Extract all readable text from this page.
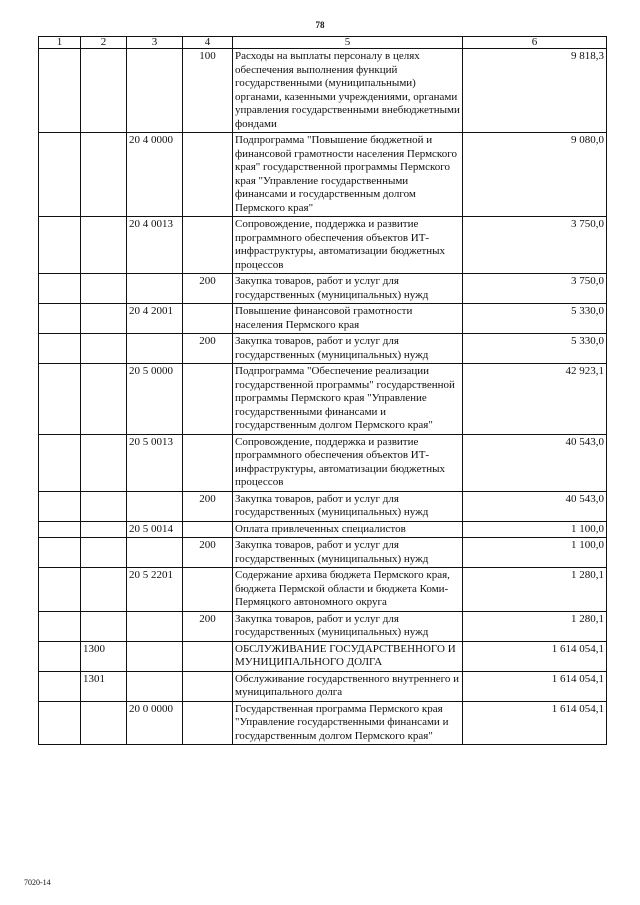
78
1	2	3	4	5	6
			100	Расходы на выплаты персоналу в целях обеспечения выполнения функций государственными (муниципальными) органами, казенными учреждениями, органами управления государственными внебюджетными фондами	9 818,3
		20 4 0000		Подпрограмма "Повышение бюджетной и финансовой грамотности населения Пермского края" государственной программы Пермского края "Управление государственными финансами и государственным долгом Пермского края"	9 080,0
		20 4 0013		Сопровождение, поддержка и развитие программного обеспечения объектов ИТ-инфраструктуры, автоматизации бюджетных процессов	3 750,0
			200	Закупка товаров, работ и услуг для государственных (муниципальных) нужд	3 750,0
		20 4 2001		Повышение финансовой грамотности населения Пермского края	5 330,0
			200	Закупка товаров, работ и услуг для государственных (муниципальных) нужд	5 330,0
		20 5 0000		Подпрограмма "Обеспечение реализации государственной программы" государственной программы Пермского края "Управление государственными финансами и государственным долгом Пермского края"	42 923,1
		20 5 0013		Сопровождение, поддержка и развитие программного обеспечения объектов ИТ-инфраструктуры, автоматизации бюджетных процессов	40 543,0
			200	Закупка товаров, работ и услуг для государственных (муниципальных) нужд	40 543,0
		20 5 0014		Оплата привлеченных специалистов	1 100,0
			200	Закупка товаров, работ и услуг для государственных (муниципальных) нужд	1 100,0
		20 5 2201		Содержание архива бюджета Пермского края, бюджета Пермской области и бюджета Коми-Пермяцкого автономного округа	1 280,1
			200	Закупка товаров, работ и услуг для государственных (муниципальных) нужд	1 280,1
	1300			ОБСЛУЖИВАНИЕ ГОСУДАРСТВЕННОГО И МУНИЦИПАЛЬНОГО ДОЛГА	1 614 054,1
	1301			Обслуживание государственного внутреннего и муниципального долга	1 614 054,1
		20 0 0000		Государственная программа Пермского края "Управление государственными финансами и государственным долгом Пермского края"	1 614 054,1
7020-14
